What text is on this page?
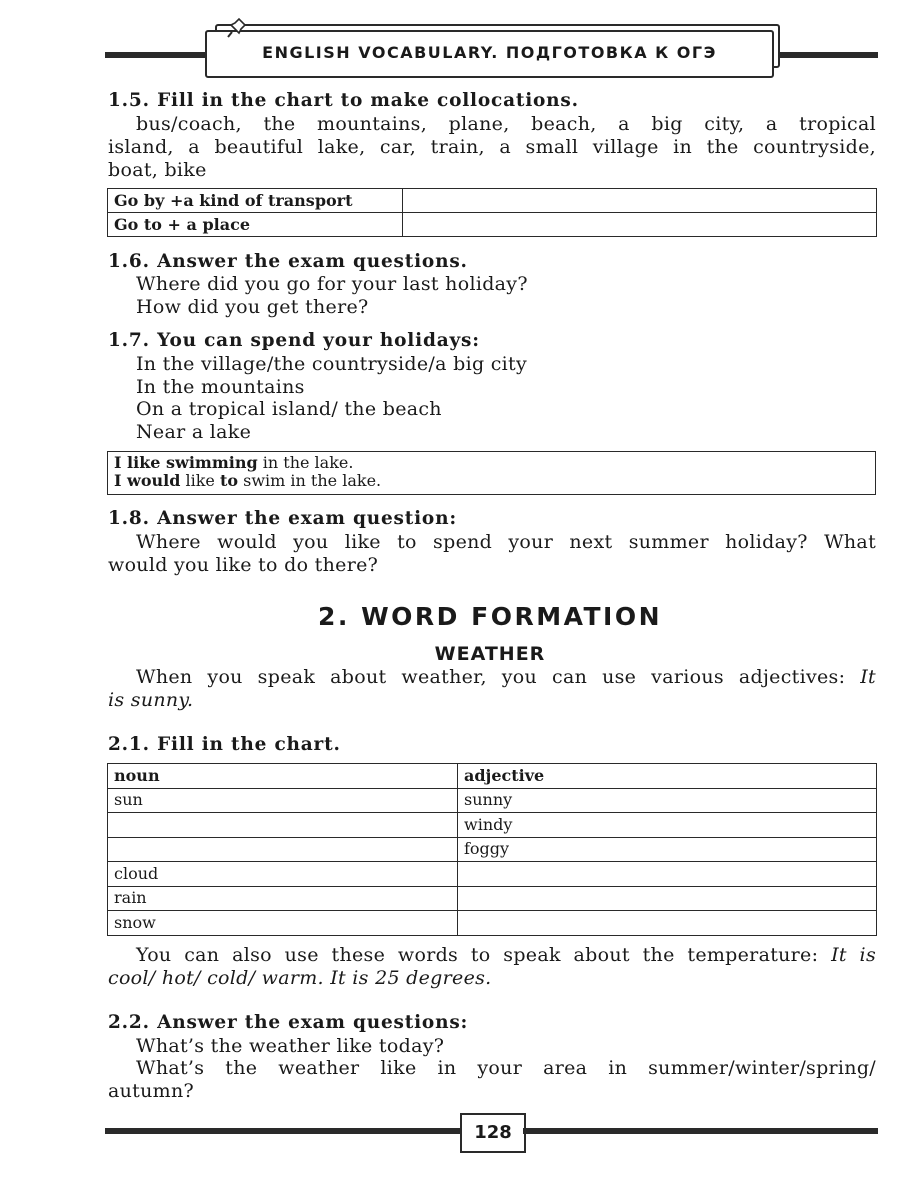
ENGLISH VOCABULARY. ПОДГОТОВКА К ОГЭ
1.5. Fill in the chart to make collocations.
bus/coach, the mountains, plane, beach, a big city, a tropical
island, a beautiful lake, car, train, a small village in the countryside,
boat, bike
Go by +a kind of transport	
Go to + a place	
1.6. Answer the exam questions.
Where did you go for your last holiday?
How did you get there?
1.7. You can spend your holidays:
In the village/the countryside/a big city
In the mountains
On a tropical island/ the beach
Near a lake
I like swimming in the lake.
I would like to swim in the lake.
1.8. Answer the exam question:
Where would you like to spend your next summer holiday? What
would you like to do there?
2. WORD FORMATION
WEATHER
When you speak about weather, you can use various adjectives: It
is sunny.
2.1. Fill in the chart.
noun	adjective
sun	sunny
	windy
	foggy
cloud	
rain	
snow	
You can also use these words to speak about the temperature: It is
cool/ hot/ cold/ warm. It is 25 degrees.
2.2. Answer the exam questions:
What’s the weather like today?
What’s the weather like in your area in summer/winter/spring/
autumn?
128
